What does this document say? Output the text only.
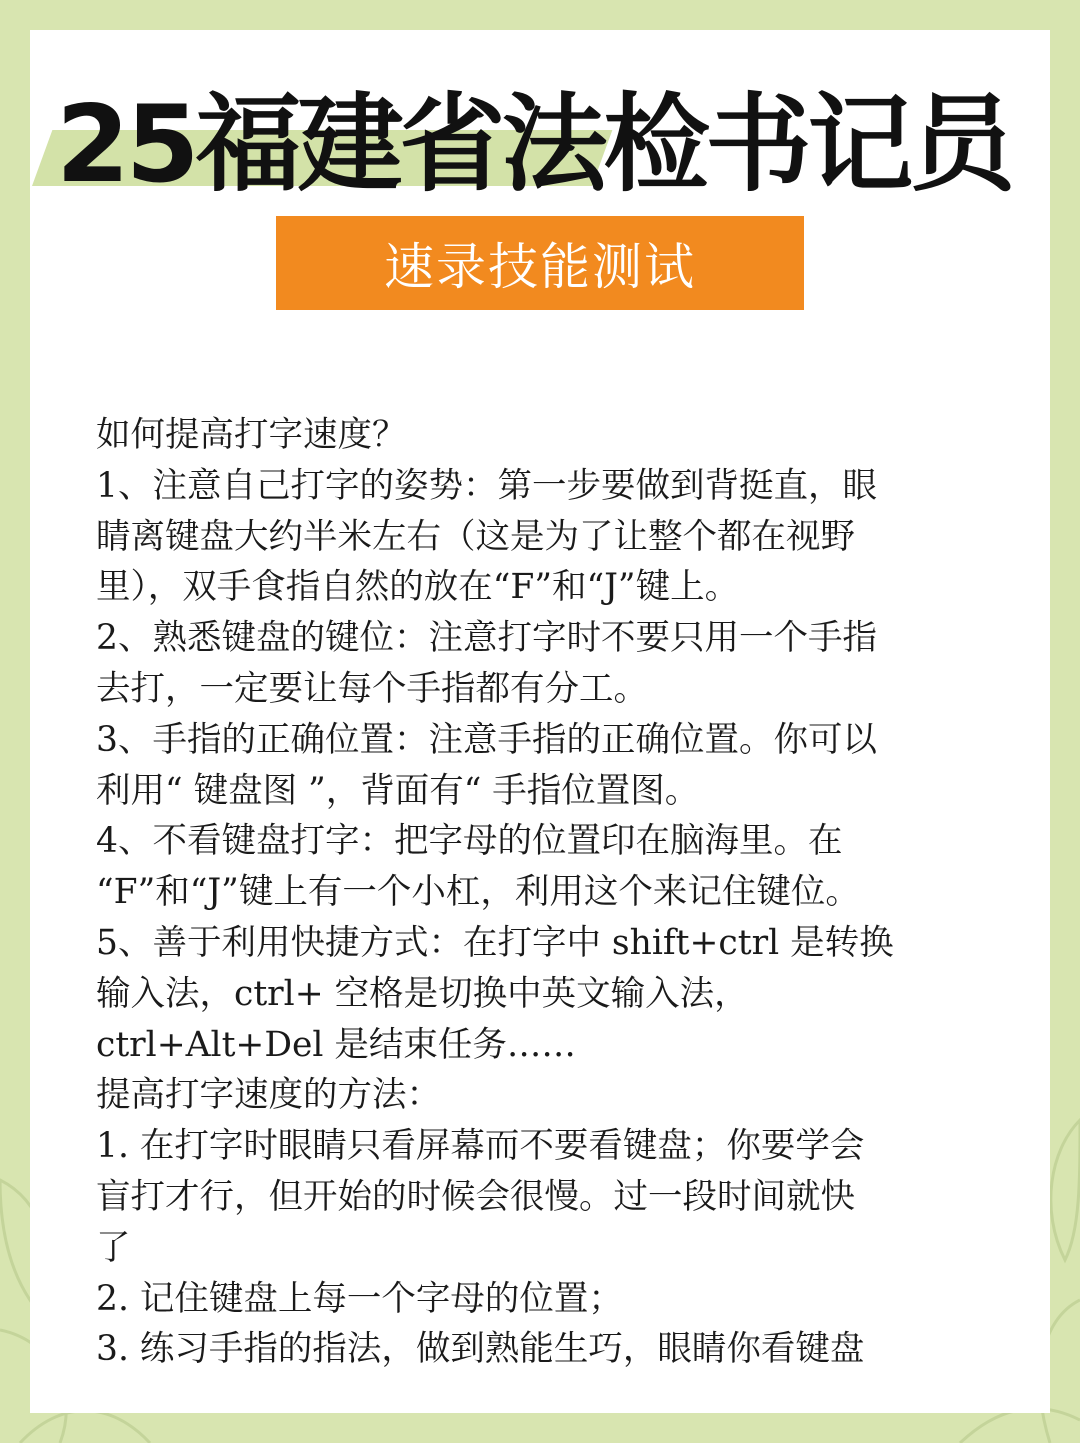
25福建省法检书记员
速录技能测试
如何提高打字速度？
1、注意自己打字的姿势：第一步要做到背挺直，眼
睛离键盘大约半米左右（这是为了让整个都在视野
里），双手食指自然的放在“F”和“J”键上。
2、熟悉键盘的键位：注意打字时不要只用一个手指
去打，一定要让每个手指都有分工。
3、手指的正确位置：注意手指的正确位置。你可以
利用“ 键盘图 ”，背面有“ 手指位置图。
4、不看键盘打字：把字母的位置印在脑海里。在
“F”和“J”键上有一个小杠，利用这个来记住键位。
5、善于利用快捷方式：在打字中 shift+ctrl 是转换
输入法，ctrl+ 空格是切换中英文输入法，
ctrl+Alt+Del 是结束任务……
提高打字速度的方法：
1. 在打字时眼睛只看屏幕而不要看键盘；你要学会
盲打才行，但开始的时候会很慢。过一段时间就快
了
2. 记住键盘上每一个字母的位置；
3. 练习手指的指法，做到熟能生巧，眼睛你看键盘
